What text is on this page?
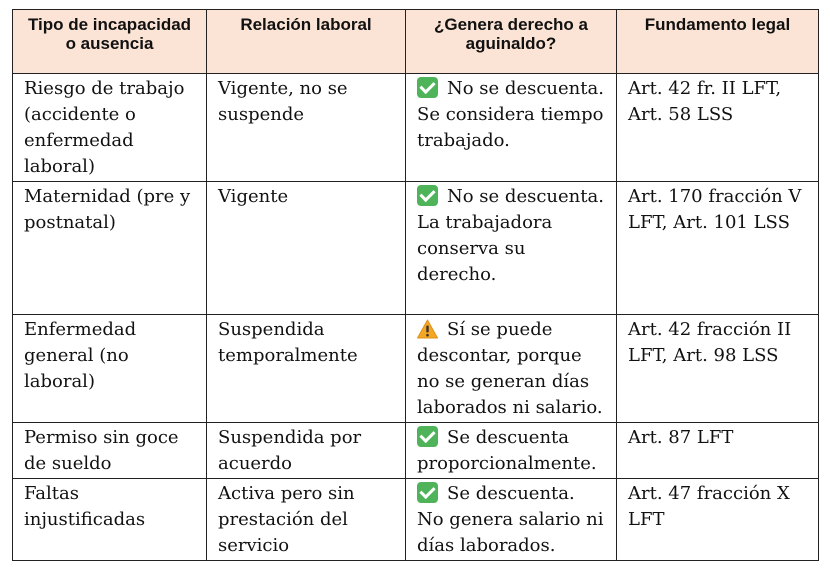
Tipo de incapacidad o ausencia	Relación laboral	¿Genera derecho a aguinaldo?	Fundamento legal
Riesgo de trabajo (accidente o enfermedad laboral)	Vigente, no se suspende	No se descuenta. Se considera tiempo trabajado.	Art. 42 fr. II LFT, Art. 58 LSS
Maternidad (pre y postnatal)	Vigente	No se descuenta. La trabajadora conserva su derecho.	Art. 170 fracción V LFT, Art. 101 LSS
Enfermedad general (no laboral)	Suspendida temporalmente	Sí se puede descontar, porque no se generan días laborados ni salario.	Art. 42 fracción II LFT, Art. 98 LSS
Permiso sin goce de sueldo	Suspendida por acuerdo	Se descuenta proporcionalmente.	Art. 87 LFT
Faltas injustificadas	Activa pero sin prestación del servicio	Se descuenta. No genera salario ni días laborados.	Art. 47 fracción X LFT
